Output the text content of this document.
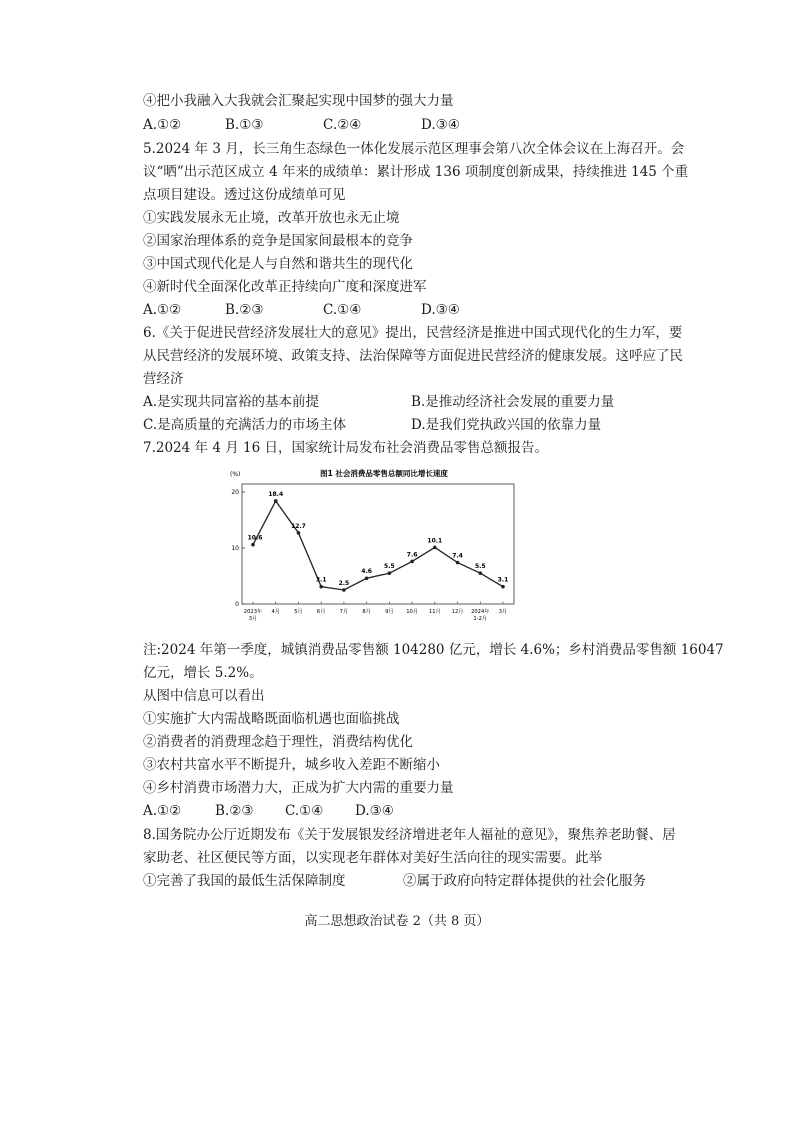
④把小我融入大我就会汇聚起实现中国梦的强大力量
A.①②	B.①③	C.②④	D.③④
5.2024 年 3 月，长三角生态绿色一体化发展示范区理事会第八次全体会议在上海召开。会
议“晒”出示范区成立 4 年来的成绩单：累计形成 136 项制度创新成果，持续推进 145 个重
点项目建设。透过这份成绩单可见
①实践发展永无止境，改革开放也永无止境
②国家治理体系的竞争是国家间最根本的竞争
③中国式现代化是人与自然和谐共生的现代化
④新时代全面深化改革正持续向广度和深度进军
A.①②	B.②③	C.①④	D.③④
6.《关于促进民营经济发展壮大的意见》提出，民营经济是推进中国式现代化的生力军，要
从民营经济的发展环境、政策支持、法治保障等方面促进民营经济的健康发展。这呼应了民
营经济
A.是实现共同富裕的基本前提	B.是推动经济社会发展的重要力量
C.是高质量的充满活力的市场主体	D.是我们党执政兴国的依靠力量
7.2024 年 4 月 16 日，国家统计局发布社会消费品零售总额报告。
图1 社会消费品零售总额同比增长速度
(%)
0
10
20
10.6
18.4
12.7
3.1 2.5
4.6
5.5
7.6
10.1
7.4
5.5
3.1
2023年
3月
4月	5月	6月	7月	8月	9月 10月 11月 12月 2024年
1-2月
3月
注:2024 年第一季度，城镇消费品零售额 104280 亿元，增长 4.6%；乡村消费品零售额 16047
亿元，增长 5.2%。
从图中信息可以看出
①实施扩大内需战略既面临机遇也面临挑战
②消费者的消费理念趋于理性，消费结构优化
③农村共富水平不断提升，城乡收入差距不断缩小
④乡村消费市场潜力大，正成为扩大内需的重要力量
A.①②	B.②③ C.①④ D.③④
8.国务院办公厅近期发布《关于发展银发经济增进老年人福祉的意见》，聚焦养老助餐、居
家助老、社区便民等方面，以实现老年群体对美好生活向往的现实需要。此举
①完善了我国的最低生活保障制度	②属于政府向特定群体提供的社会化服务
高二思想政治试卷 2（共 8 页）
